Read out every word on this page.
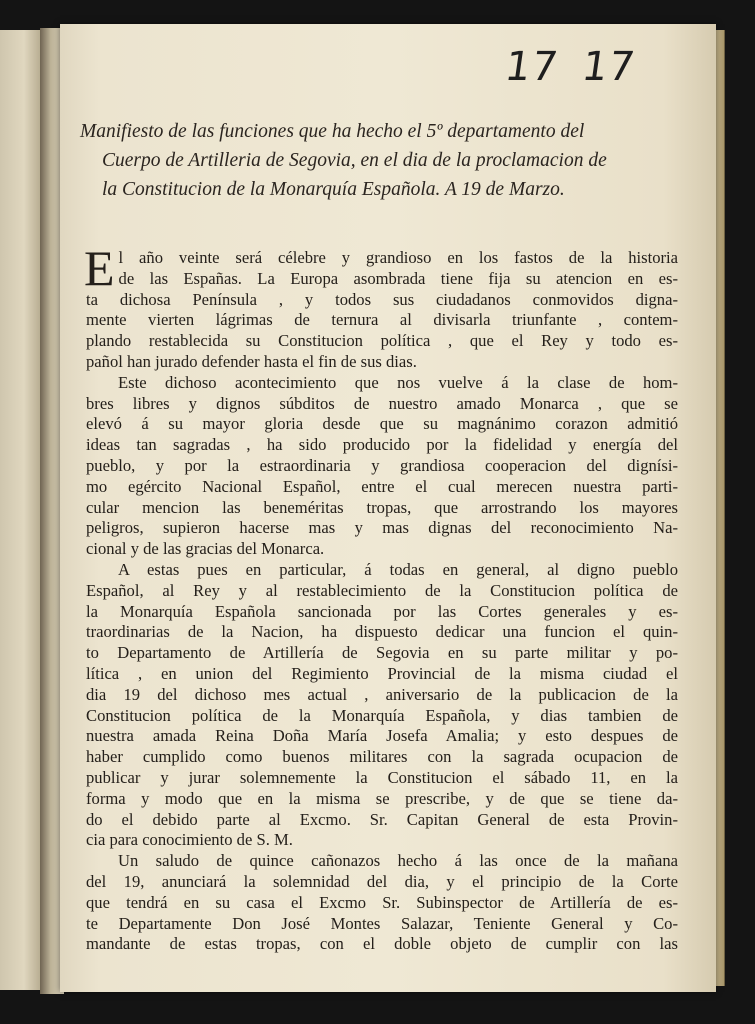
17 17
Manifiesto de las funciones que ha hecho el 5º departamento del
Cuerpo de Artilleria de Segovia, en el dia de la proclamacion de
la Constitucion de la Monarquía Española. A 19 de Marzo.
E l año veinte será célebre y grandioso en los fastos de la historia
de las Españas. La Europa asombrada tiene fija su atencion en es-
ta dichosa Península , y todos sus ciudadanos conmovidos digna-
mente vierten lágrimas de ternura al divisarla triunfante , contem-
plando restablecida su Constitucion política , que el Rey y todo es-
pañol han jurado defender hasta el fin de sus dias.
Este dichoso acontecimiento que nos vuelve á la clase de hom-
bres libres y dignos súbditos de nuestro amado Monarca , que se
elevó á su mayor gloria desde que su magnánimo corazon admitió
ideas tan sagradas , ha sido producido por la fidelidad y energía del
pueblo, y por la estraordinaria y grandiosa cooperacion del dignísi-
mo egército Nacional Español, entre el cual merecen nuestra parti-
cular mencion las beneméritas tropas, que arrostrando los mayores
peligros, supieron hacerse mas y mas dignas del reconocimiento Na-
cional y de las gracias del Monarca.
A estas pues en particular, á todas en general, al digno pueblo
Español, al Rey y al restablecimiento de la Constitucion política de
la Monarquía Española sancionada por las Cortes generales y es-
traordinarias de la Nacion, ha dispuesto dedicar una funcion el quin-
to Departamento de Artillería de Segovia en su parte militar y po-
lítica , en union del Regimiento Provincial de la misma ciudad el
dia 19 del dichoso mes actual , aniversario de la publicacion de la
Constitucion política de la Monarquía Española, y dias tambien de
nuestra amada Reina Doña María Josefa Amalia; y esto despues de
haber cumplido como buenos militares con la sagrada ocupacion de
publicar y jurar solemnemente la Constitucion el sábado 11, en la
forma y modo que en la misma se prescribe, y de que se tiene da-
do el debido parte al Excmo. Sr. Capitan General de esta Provin-
cia para conocimiento de S. M.
Un saludo de quince cañonazos hecho á las once de la mañana
del 19, anunciará la solemnidad del dia, y el principio de la Corte
que tendrá en su casa el Excmo Sr. Subinspector de Artillería de es-
te Departamente Don José Montes Salazar, Teniente General y Co-
mandante de estas tropas, con el doble objeto de cumplir con las
